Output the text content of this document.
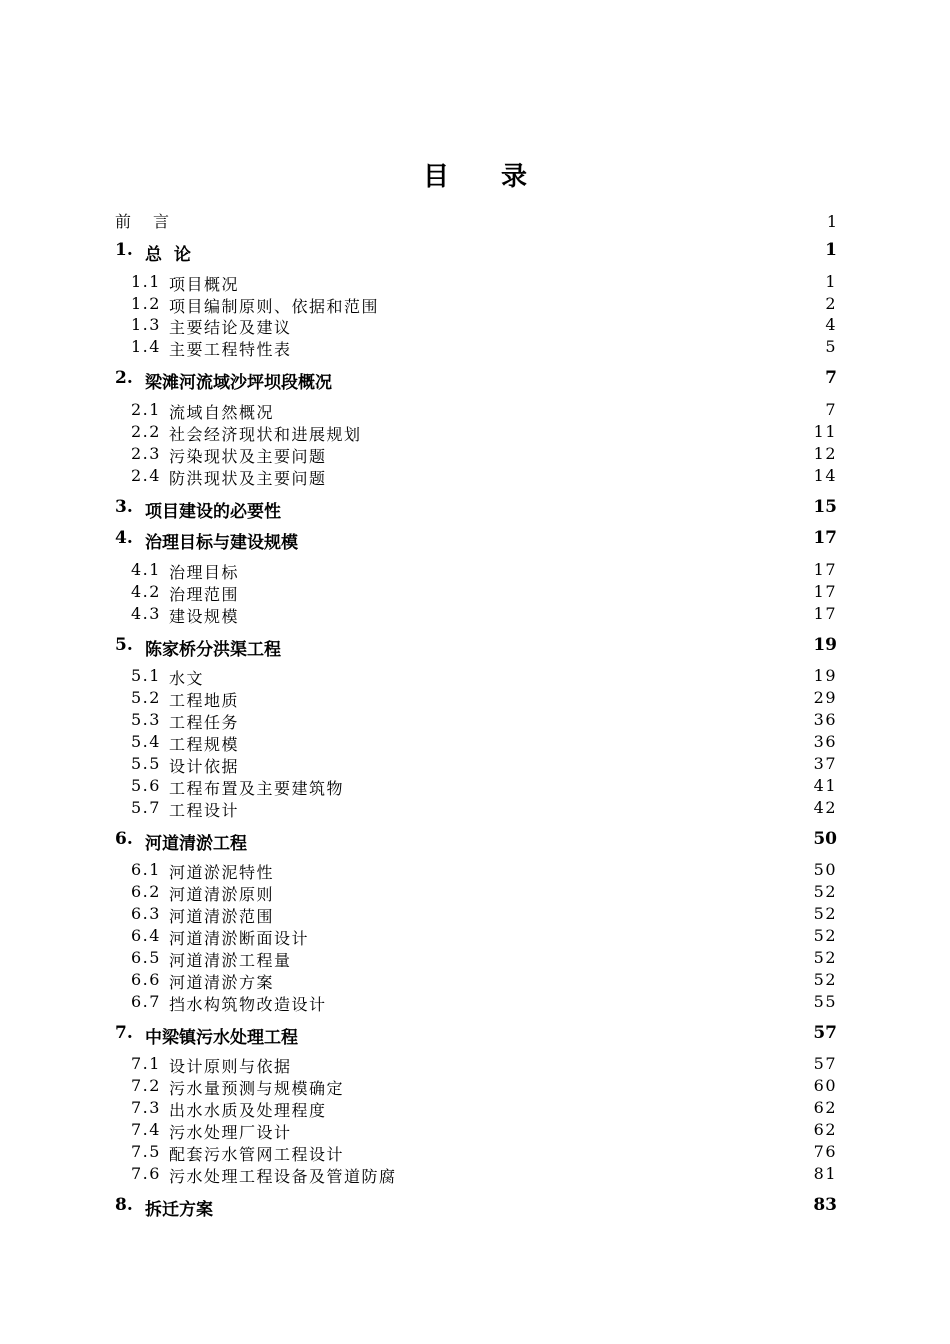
目录
前言	1
1. 总  论	1
1.1 项目概况	1
1.2 项目编制原则、依据和范围	2
1.3 主要结论及建议	4
1.4 主要工程特性表	5
2. 梁滩河流域沙坪坝段概况	7
2.1 流域自然概况	7
2.2 社会经济现状和进展规划	11
2.3 污染现状及主要问题	12
2.4 防洪现状及主要问题	14
3. 项目建设的必要性	15
4. 治理目标与建设规模	17
4.1 治理目标	17
4.2 治理范围	17
4.3 建设规模	17
5. 陈家桥分洪渠工程	19
5.1 水文	19
5.2 工程地质	29
5.3 工程任务	36
5.4 工程规模	36
5.5 设计依据	37
5.6 工程布置及主要建筑物	41
5.7 工程设计	42
6. 河道清淤工程	50
6.1 河道淤泥特性	50
6.2 河道清淤原则	52
6.3 河道清淤范围	52
6.4 河道清淤断面设计	52
6.5 河道清淤工程量	52
6.6 河道清淤方案	52
6.7 挡水构筑物改造设计	55
7. 中梁镇污水处理工程	57
7.1 设计原则与依据	57
7.2 污水量预测与规模确定	60
7.3 出水水质及处理程度	62
7.4 污水处理厂设计	62
7.5 配套污水管网工程设计	76
7.6 污水处理工程设备及管道防腐	81
8. 拆迁方案	83
